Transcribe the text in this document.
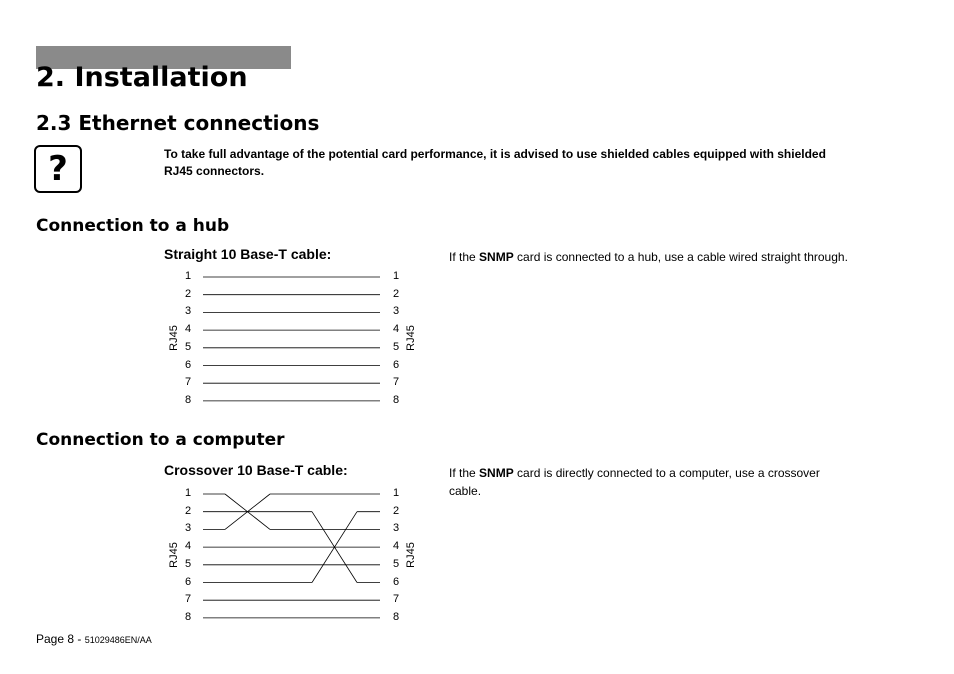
2. Installation
2.3 Ethernet connections
?	To take full advantage of the potential card performance, it is advised to use shielded cables equipped with shielded RJ45 connectors.
Connection to a hub
Straight 10 Base-T cable:	If the SNMP card is connected to a hub, use a cable wired straight through.
Connection to a computer
Crossover 10 Base-T cable:	If the SNMP card is directly connected to a computer, use a crossover cable.
1	1
2	2
3	3
4	4
5	5
6	6
7	7
8	8
RJ45	RJ45
1	1
2	2
3	3
4	4
5	5
6	6
7	7
8	8
RJ45	RJ45
Page 8 - 51029486EN/AA
